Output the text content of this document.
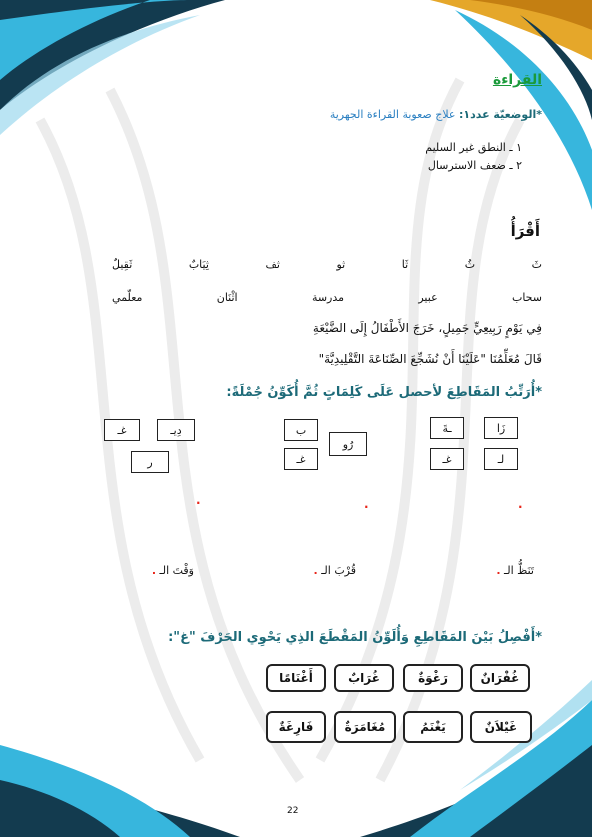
القراءة
*الوضعيّة عدد١: علاج صعوبة القراءة الجهرية
١ ـ النطق غير السليم
٢ ـ ضعف الاسترسال
أَقْرَأُ
ثَ
ثُ
ثَا
ثو
ثف
ثِيَابٌ
ثَقِيلٌ
سحاب
عبير
مدرسة
اثْنَان
معلّمي
فِي يَوْمٍ رَبِيعِيٍّ جَمِيلٍ، خَرَجَ الأَطْفَالُ إِلَى الضَّيْعَةِ
قَالَ مُعَلِّمُنَا "عَلَيْنَا أَنْ نُشَجِّعَ الصِّنَاعَةَ التَّقْلِيدِيَّةَ"
*أُرَتِّبُ المَقَاطِعَ لأحصل عَلَى كَلِمَاتٍ ثُمَّ أُكَوِّنُ جُمْلَةً:
زَا
ـةَ
لـ
غـ
ب
رُو
غـ
غـ	دِيـ
ر
.
.
.
تَنَظُّ الـ .
قُرْبَ الـ .
وَقْتَ الـ .
*أَفْصِلُ بَيْنَ المَقَاطِعِ وَأُلَوِّنُ المَقْطَعَ الذِي يَحْوِي الحَرْفَ "غ":
غُفْرَانٌ
رَغْوَةٌ
غُرَابٌ
أَغْنَامًا
غَيْلاَنٌ
يَغْنَمُ
مُغَامَرَةٌ
فَارِغَةٌ
22
